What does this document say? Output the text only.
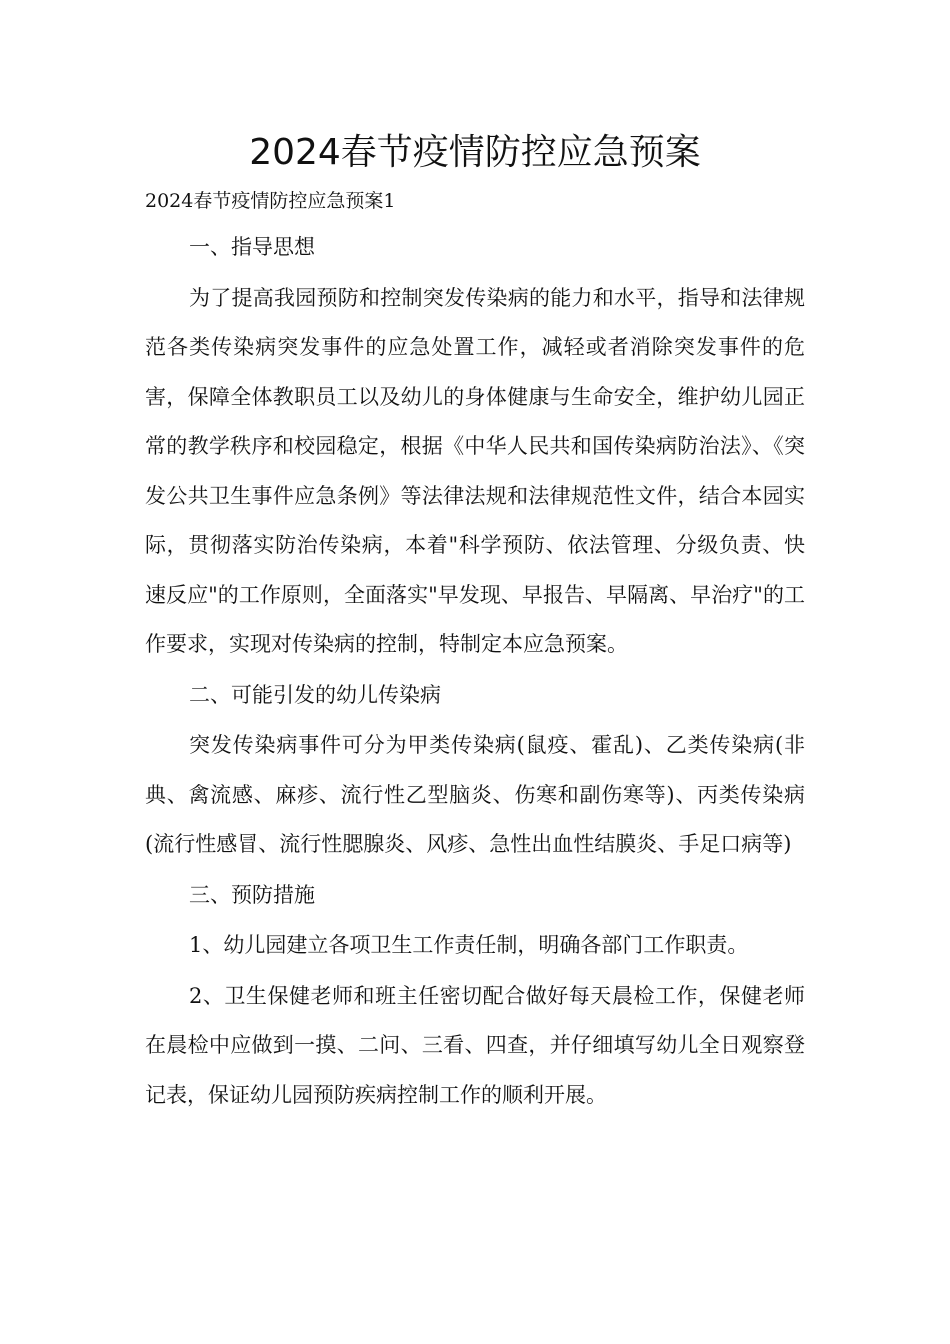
2024春节疫情防控应急预案

2024春节疫情防控应急预案1

一、指导思想

为了提高我园预防和控制突发传染病的能力和水平，指导和法律规范各类传染病突发事件的应急处置工作，减轻或者消除突发事件的危害，保障全体教职员工以及幼儿的身体健康与生命安全，维护幼儿园正常的教学秩序和校园稳定，根据《中华人民共和国传染病防治法》、《突发公共卫生事件应急条例》等法律法规和法律规范性文件，结合本园实际，贯彻落实防治传染病，本着"科学预防、依法管理、分级负责、快速反应"的工作原则，全面落实"早发现、早报告、早隔离、早治疗"的工作要求，实现对传染病的控制，特制定本应急预案。

二、可能引发的幼儿传染病

突发传染病事件可分为甲类传染病(鼠疫、霍乱)、乙类传染病(非典、禽流感、麻疹、流行性乙型脑炎、伤寒和副伤寒等)、丙类传染病(流行性感冒、流行性腮腺炎、风疹、急性出血性结膜炎、手足口病等)

三、预防措施

1、幼儿园建立各项卫生工作责任制，明确各部门工作职责。

2、卫生保健老师和班主任密切配合做好每天晨检工作，保健老师在晨检中应做到一摸、二问、三看、四查，并仔细填写幼儿全日观察登记表，保证幼儿园预防疾病控制工作的顺利开展。
